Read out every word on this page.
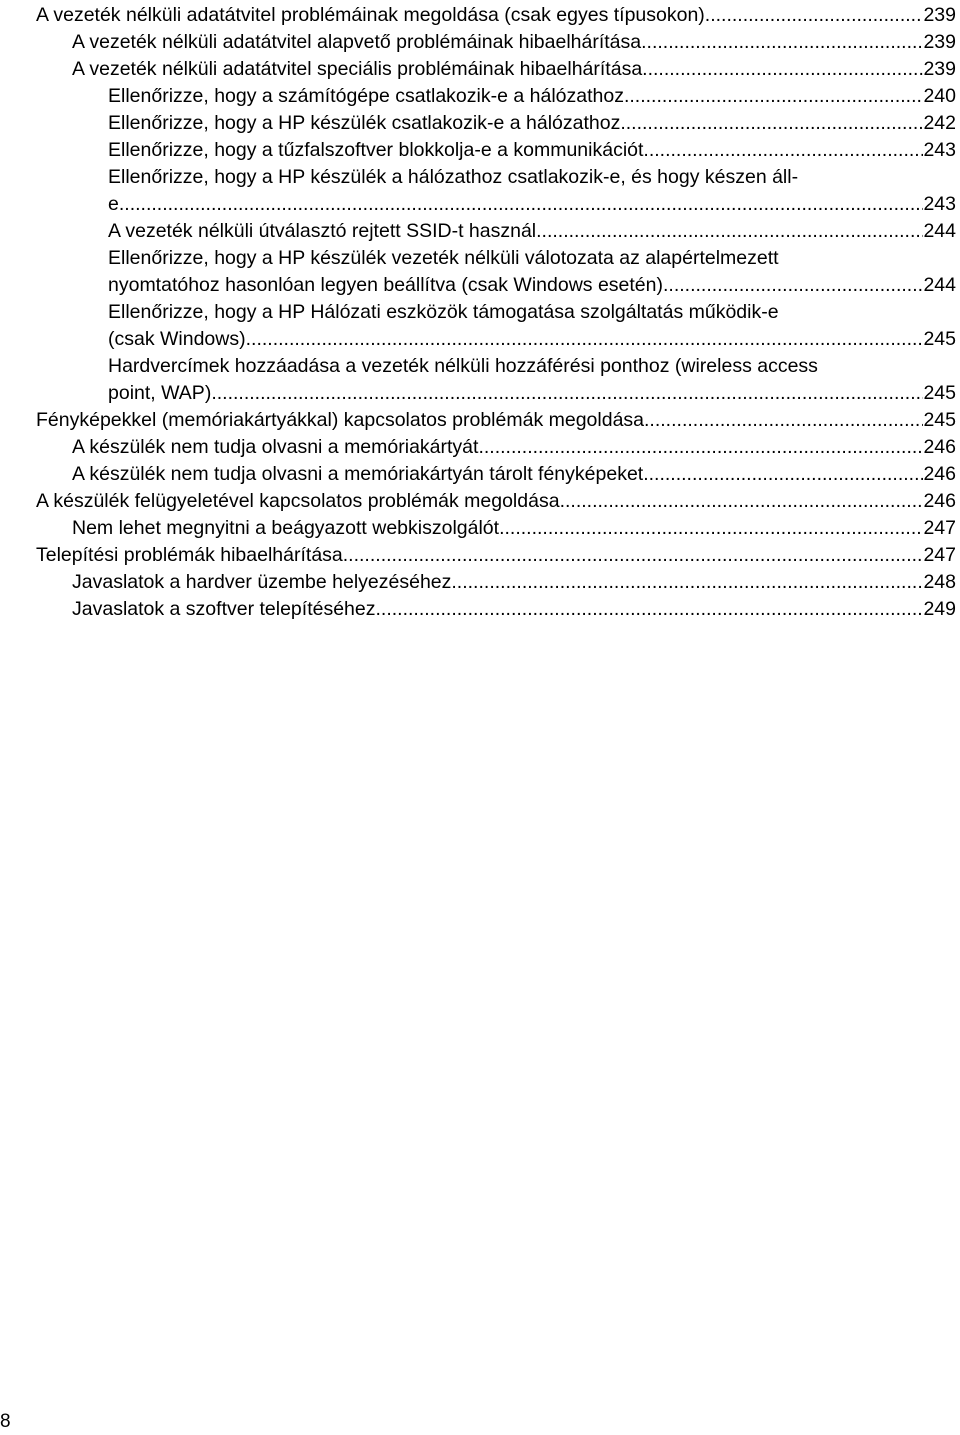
A vezeték nélküli adatátvitel problémáinak megoldása (csak egyes típusokon) .....	239
A vezeték nélküli adatátvitel alapvető problémáinak hibaelhárítása .....	239
A vezeték nélküli adatátvitel speciális problémáinak hibaelhárítása .....	239
Ellenőrizze, hogy a számítógépe csatlakozik-e a hálózathoz .....	240
Ellenőrizze, hogy a HP készülék csatlakozik-e a hálózathoz .....	242
Ellenőrizze, hogy a tűzfalszoftver blokkolja-e a kommunikációt .....	243
Ellenőrizze, hogy a HP készülék a hálózathoz csatlakozik-e, és hogy készen áll-
e .....	243
A vezeték nélküli útválasztó rejtett SSID-t használ .....	244
Ellenőrizze, hogy a HP készülék vezeték nélküli válotozata az alapértelmezett
nyomtatóhoz hasonlóan legyen beállítva (csak Windows esetén) .....	244
Ellenőrizze, hogy a HP Hálózati eszközök támogatása szolgáltatás működik-e
(csak Windows) .....	245
Hardvercímek hozzáadása a vezeték nélküli hozzáférési ponthoz (wireless access
point, WAP) .....	245
Fényképekkel (memóriakártyákkal) kapcsolatos problémák megoldása .....	245
A készülék nem tudja olvasni a memóriakártyát .....	246
A készülék nem tudja olvasni a memóriakártyán tárolt fényképeket .....	246
A készülék felügyeletével kapcsolatos problémák megoldása .....	246
Nem lehet megnyitni a beágyazott webkiszolgálót .....	247
Telepítési problémák hibaelhárítása .....	247
Javaslatok a hardver üzembe helyezéséhez .....	248
Javaslatok a szoftver telepítéséhez .....	249
8
